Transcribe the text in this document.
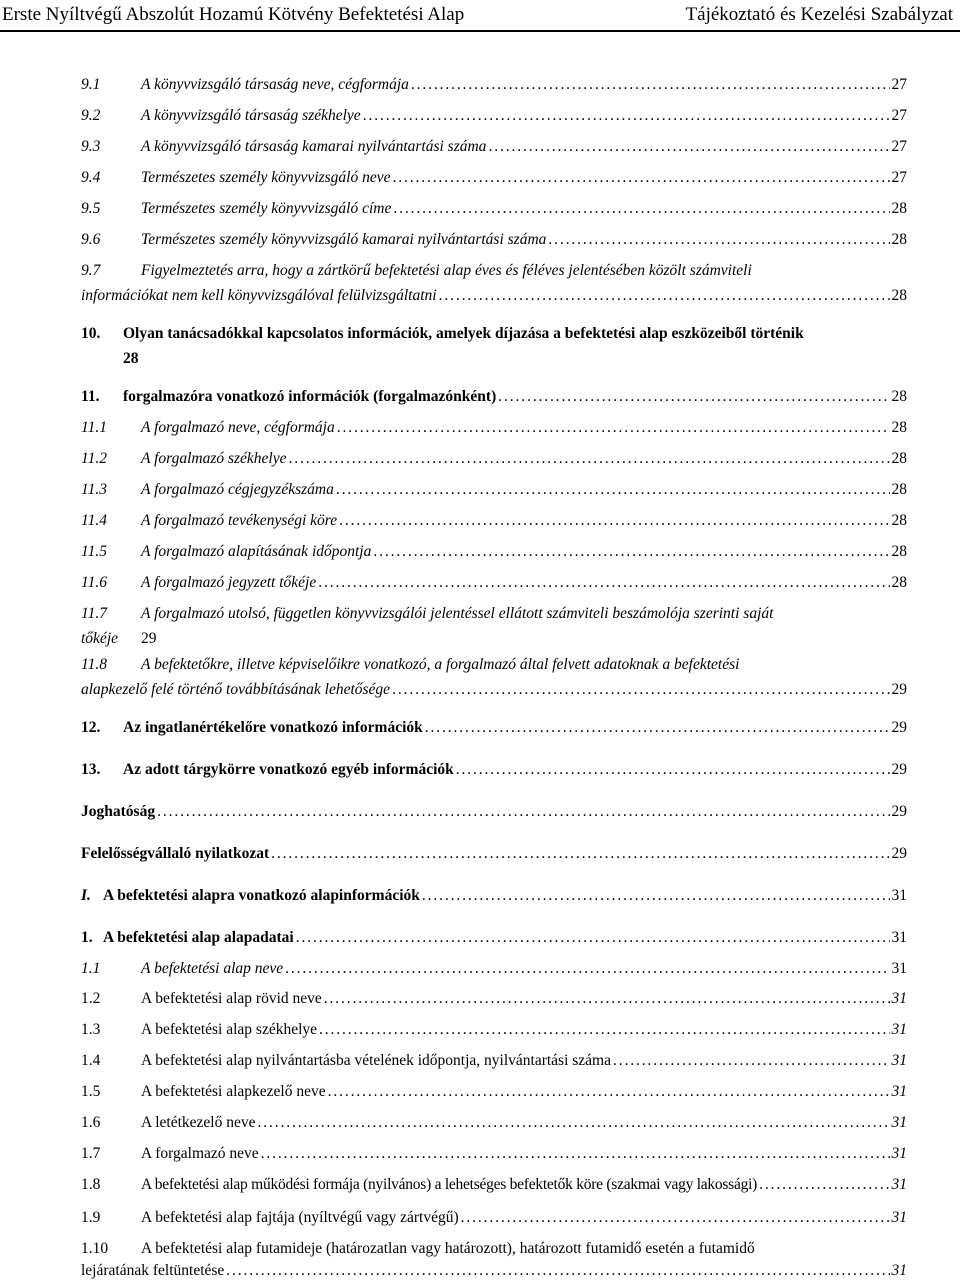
Erste Nyíltvégű Abszolút Hozamú Kötvény Befektetési Alap	Tájékoztató és Kezelési Szabályzat
9.1	A könyvvizsgáló társaság neve, cégformája . . .	27
9.2	A könyvvizsgáló társaság székhelye . . .	27
9.3	A könyvvizsgáló társaság kamarai nyilvántartási száma . . .	27
9.4	Természetes személy könyvvizsgáló neve . . .	27
9.5	Természetes személy könyvvizsgáló címe . . .	28
9.6	Természetes személy könyvvizsgáló kamarai nyilvántartási száma . . .	28
9.7	Figyelmeztetés arra, hogy a zártkörű befektetési alap éves és féléves jelentésében közölt számviteli
információkat nem kell könyvvizsgálóval felülvizsgáltatni . . .	28
10. Olyan tanácsadókkal kapcsolatos információk, amelyek díjazása a befektetési alap eszközeiből történik
28
11.	forgalmazóra vonatkozó információk (forgalmazónként) . . .	28
11.1	A forgalmazó neve, cégformája . . .	28
11.2	A forgalmazó székhelye . . .	28
11.3	A forgalmazó cégjegyzékszáma . . .	28
11.4	A forgalmazó tevékenységi köre . . .	28
11.5	A forgalmazó alapításának időpontja . . .	28
11.6	A forgalmazó jegyzett tőkéje . . .	28
11.7 A forgalmazó utolsó, független könyvvizsgálói jelentéssel ellátott számviteli beszámolója szerinti saját
tőkéje 29
11.8 A befektetőkre, illetve képviselőikre vonatkozó, a forgalmazó által felvett adatoknak a befektetési
alapkezelő felé történő továbbításának lehetősége . . .	29
12.	Az ingatlanértékelőre vonatkozó információk . . .	29
13.	Az adott tárgykörre vonatkozó egyéb információk . . .	29
Joghatóság . . .	29
Felelősségvállaló nyilatkozat . . .	29
I. A befektetési alapra vonatkozó alapinformációk . . .	31
1. A befektetési alap alapadatai . . .	31
1.1	A befektetési alap neve . . .	31
1.2	A befektetési alap rövid neve . . .	31
1.3	A befektetési alap székhelye . . .	31
1.4	A befektetési alap nyilvántartásba vételének időpontja, nyilvántartási száma . . .	31
1.5	A befektetési alapkezelő neve . . .	31
1.6	A letétkezelő neve . . .	31
1.7	A forgalmazó neve . . .	31
1.8	A befektetési alap működési formája (nyilvános) a lehetséges befektetők köre (szakmai vagy lakossági) . . .	31
1.9	A befektetési alap fajtája (nyíltvégű vagy zártvégű) . . .	31
1.10 A befektetési alap futamideje (határozatlan vagy határozott), határozott futamidő esetén a futamidő
lejáratának feltüntetése . . .	31
